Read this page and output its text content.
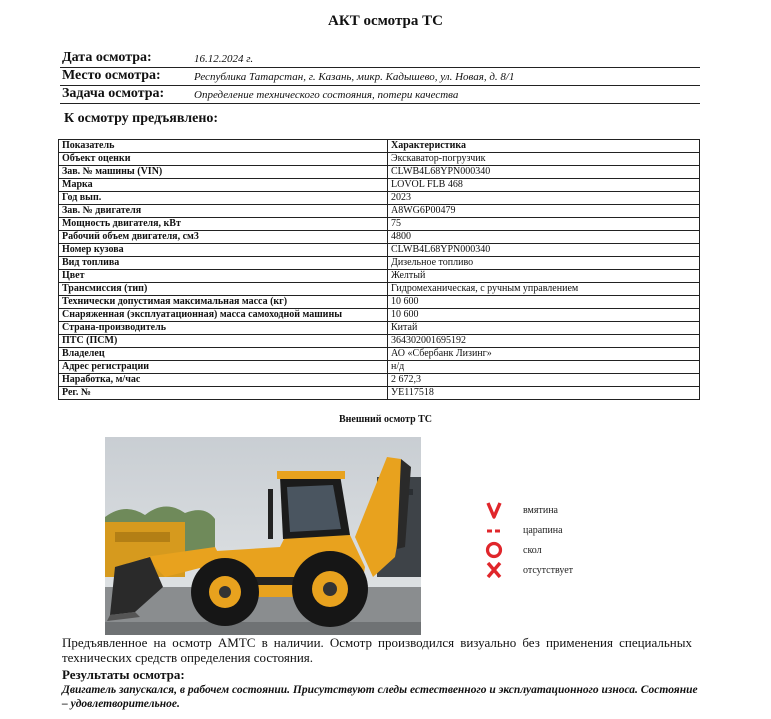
АКТ осмотра ТС
Дата осмотра:	16.12.2024 г.
Место осмотра:	Республика Татарстан, г. Казань, микр. Кадышево, ул. Новая, д. 8/1
Задача осмотра:	Определение технического состояния, потери качества
К осмотру предъявлено:
Показатель	Характеристика
Объект оценки	Экскаватор-погрузчик
Зав. № машины (VIN)	CLWB4L68YPN000340
Марка	LOVOL FLB 468
Год вып.	2023
Зав. № двигателя	A8WG6P00479
Мощность двигателя, кВт	75
Рабочий объем двигателя, см3	4800
Номер кузова	CLWB4L68YPN000340
Вид топлива	Дизельное топливо
Цвет	Желтый
Трансмиссия (тип)	Гидромеханическая, с ручным управлением
Технически допустимая максимальная масса (кг)	10 600
Снаряженная (эксплуатационная) масса самоходной машины	10 600
Страна-производитель	Китай
ПТС (ПСМ)	364302001695192
Владелец	АО «Сбербанк Лизинг»
Адрес регистрации	н/д
Наработка, м/час	2 672,3
Рег. №	УЕ117518
Внешний осмотр ТС
вмятина
царапина
скол
отсутствует
Предъявленное на осмотр АМТС в наличии. Осмотр производился визуально без применения специальных технических средств определения состояния.
Результаты осмотра:
Двигатель запускался, в рабочем состоянии. Присутствуют следы естественного и эксплуатационного износа. Состояние – удовлетворительное.
